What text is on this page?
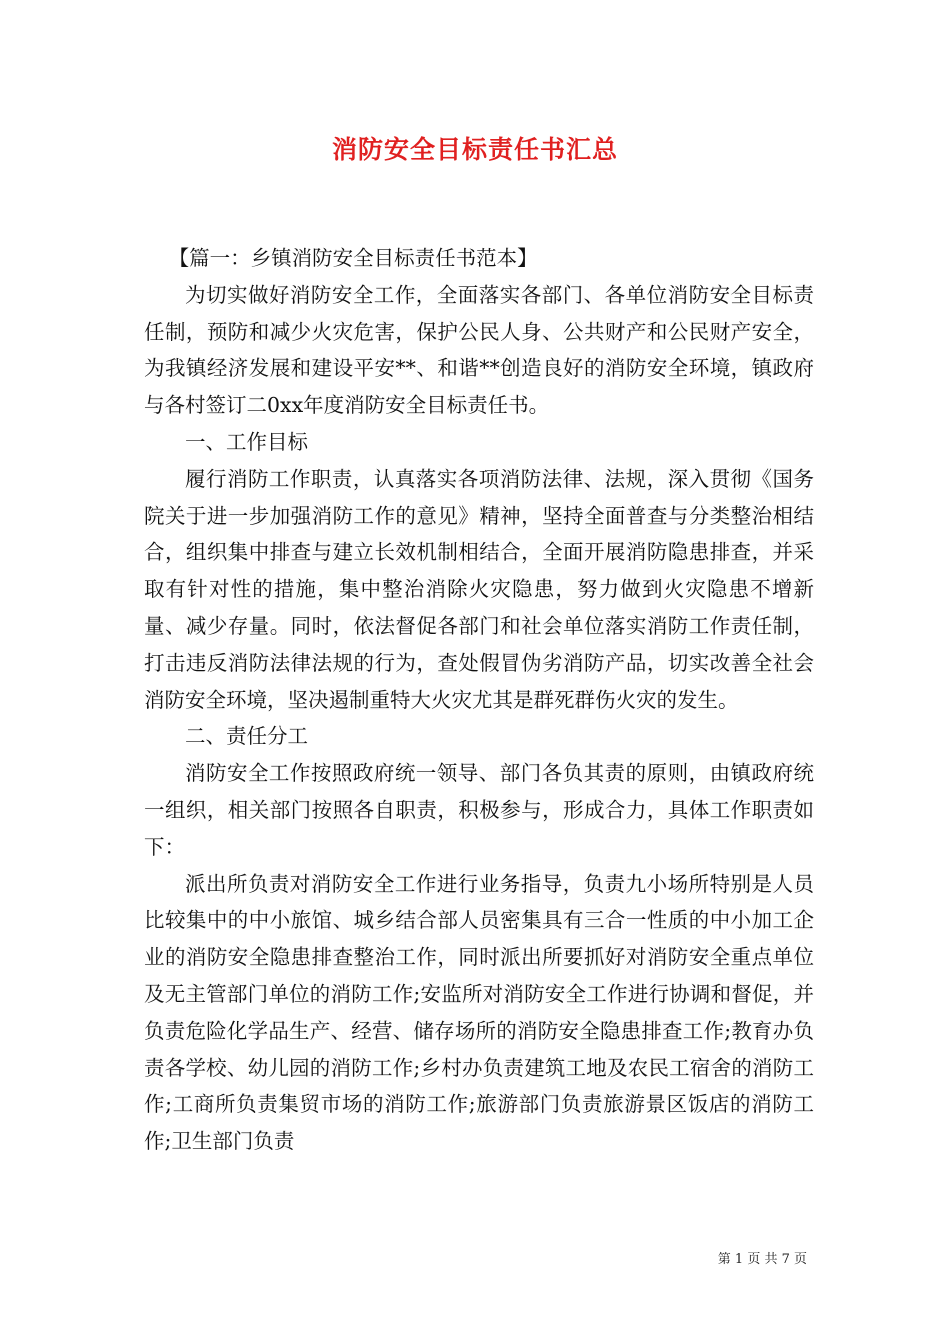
消防安全目标责任书汇总

【篇一：乡镇消防安全目标责任书范本】

为切实做好消防安全工作，全面落实各部门、各单位消防安全目标责任制，预防和减少火灾危害，保护公民人身、公共财产和公民财产安全，为我镇经济发展和建设平安**、和谐**创造良好的消防安全环境，镇政府与各村签订二0xx年度消防安全目标责任书。

一、工作目标

履行消防工作职责，认真落实各项消防法律、法规，深入贯彻《国务院关于进一步加强消防工作的意见》精神，坚持全面普查与分类整治相结合，组织集中排查与建立长效机制相结合，全面开展消防隐患排查，并采取有针对性的措施，集中整治消除火灾隐患，努力做到火灾隐患不增新量、减少存量。同时，依法督促各部门和社会单位落实消防工作责任制，打击违反消防法律法规的行为，查处假冒伪劣消防产品，切实改善全社会消防安全环境，坚决遏制重特大火灾尤其是群死群伤火灾的发生。

二、责任分工

消防安全工作按照政府统一领导、部门各负其责的原则，由镇政府统一组织，相关部门按照各自职责，积极参与，形成合力，具体工作职责如下：

派出所负责对消防安全工作进行业务指导，负责九小场所特别是人员比较集中的中小旅馆、城乡结合部人员密集具有三合一性质的中小加工企业的消防安全隐患排查整治工作，同时派出所要抓好对消防安全重点单位及无主管部门单位的消防工作;安监所对消防安全工作进行协调和督促，并负责危险化学品生产、经营、储存场所的消防安全隐患排查工作;教育办负责各学校、幼儿园的消防工作;乡村办负责建筑工地及农民工宿舍的消防工作;工商所负责集贸市场的消防工作;旅游部门负责旅游景区饭店的消防工作;卫生部门负责

第 1 页 共 7 页
